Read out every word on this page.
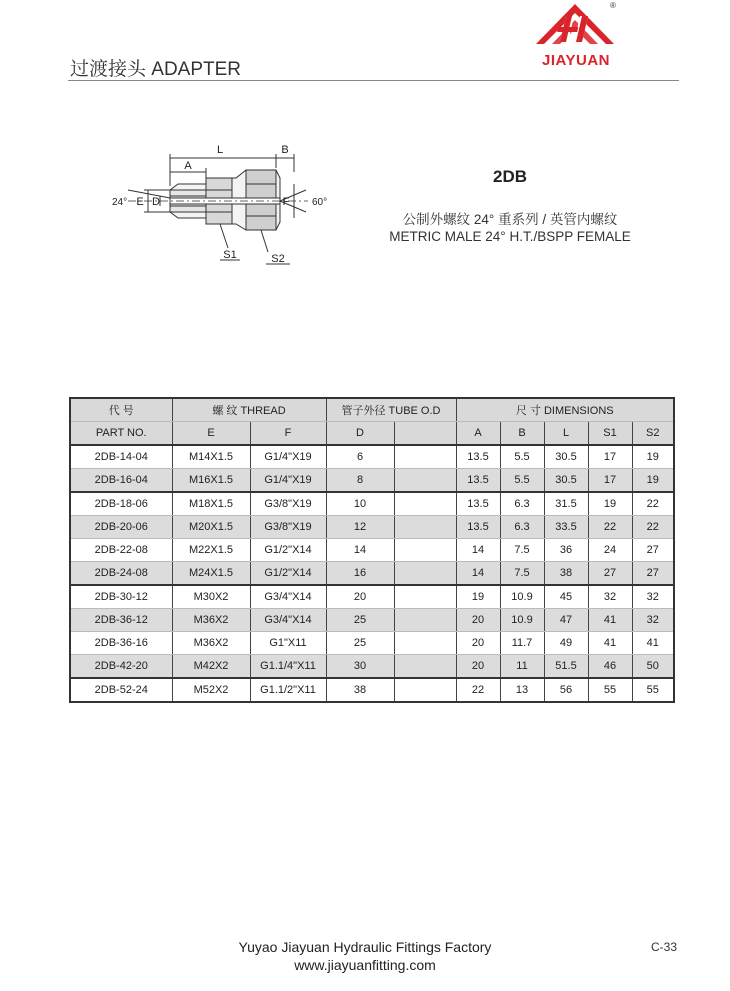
过渡接头 ADAPTER
®
JIAYUAN
L	B
A
E D	F
24°	60°
S1	S2
2DB
公制外螺纹 24° 重系列 / 英管内螺纹
METRIC MALE 24° H.T./BSPP FEMALE
代 号	螺 纹 THREAD		管子外径 TUBE O.D		尺 寸 DIMENSIONS				
PART NO.	E	F	D		A	B	L	S1	S2
2DB-14-04	M14X1.5	G1/4"X19	6		13.5	5.5	30.5	17	19
2DB-16-04	M16X1.5	G1/4"X19	8		13.5	5.5	30.5	17	19
2DB-18-06	M18X1.5	G3/8"X19	10		13.5	6.3	31.5	19	22
2DB-20-06	M20X1.5	G3/8"X19	12		13.5	6.3	33.5	22	22
2DB-22-08	M22X1.5	G1/2"X14	14		14	7.5	36	24	27
2DB-24-08	M24X1.5	G1/2"X14	16		14	7.5	38	27	27
2DB-30-12	M30X2	G3/4"X14	20		19	10.9	45	32	32
2DB-36-12	M36X2	G3/4"X14	25		20	10.9	47	41	32
2DB-36-16	M36X2	G1"X11	25		20	11.7	49	41	41
2DB-42-20	M42X2	G1.1/4"X11	30		20	11	51.5	46	50
2DB-52-24	M52X2	G1.1/2"X11	38		22	13	56	55	55
Yuyao Jiayuan Hydraulic Fittings Factory
www.jiayuanfitting.com
C-33
